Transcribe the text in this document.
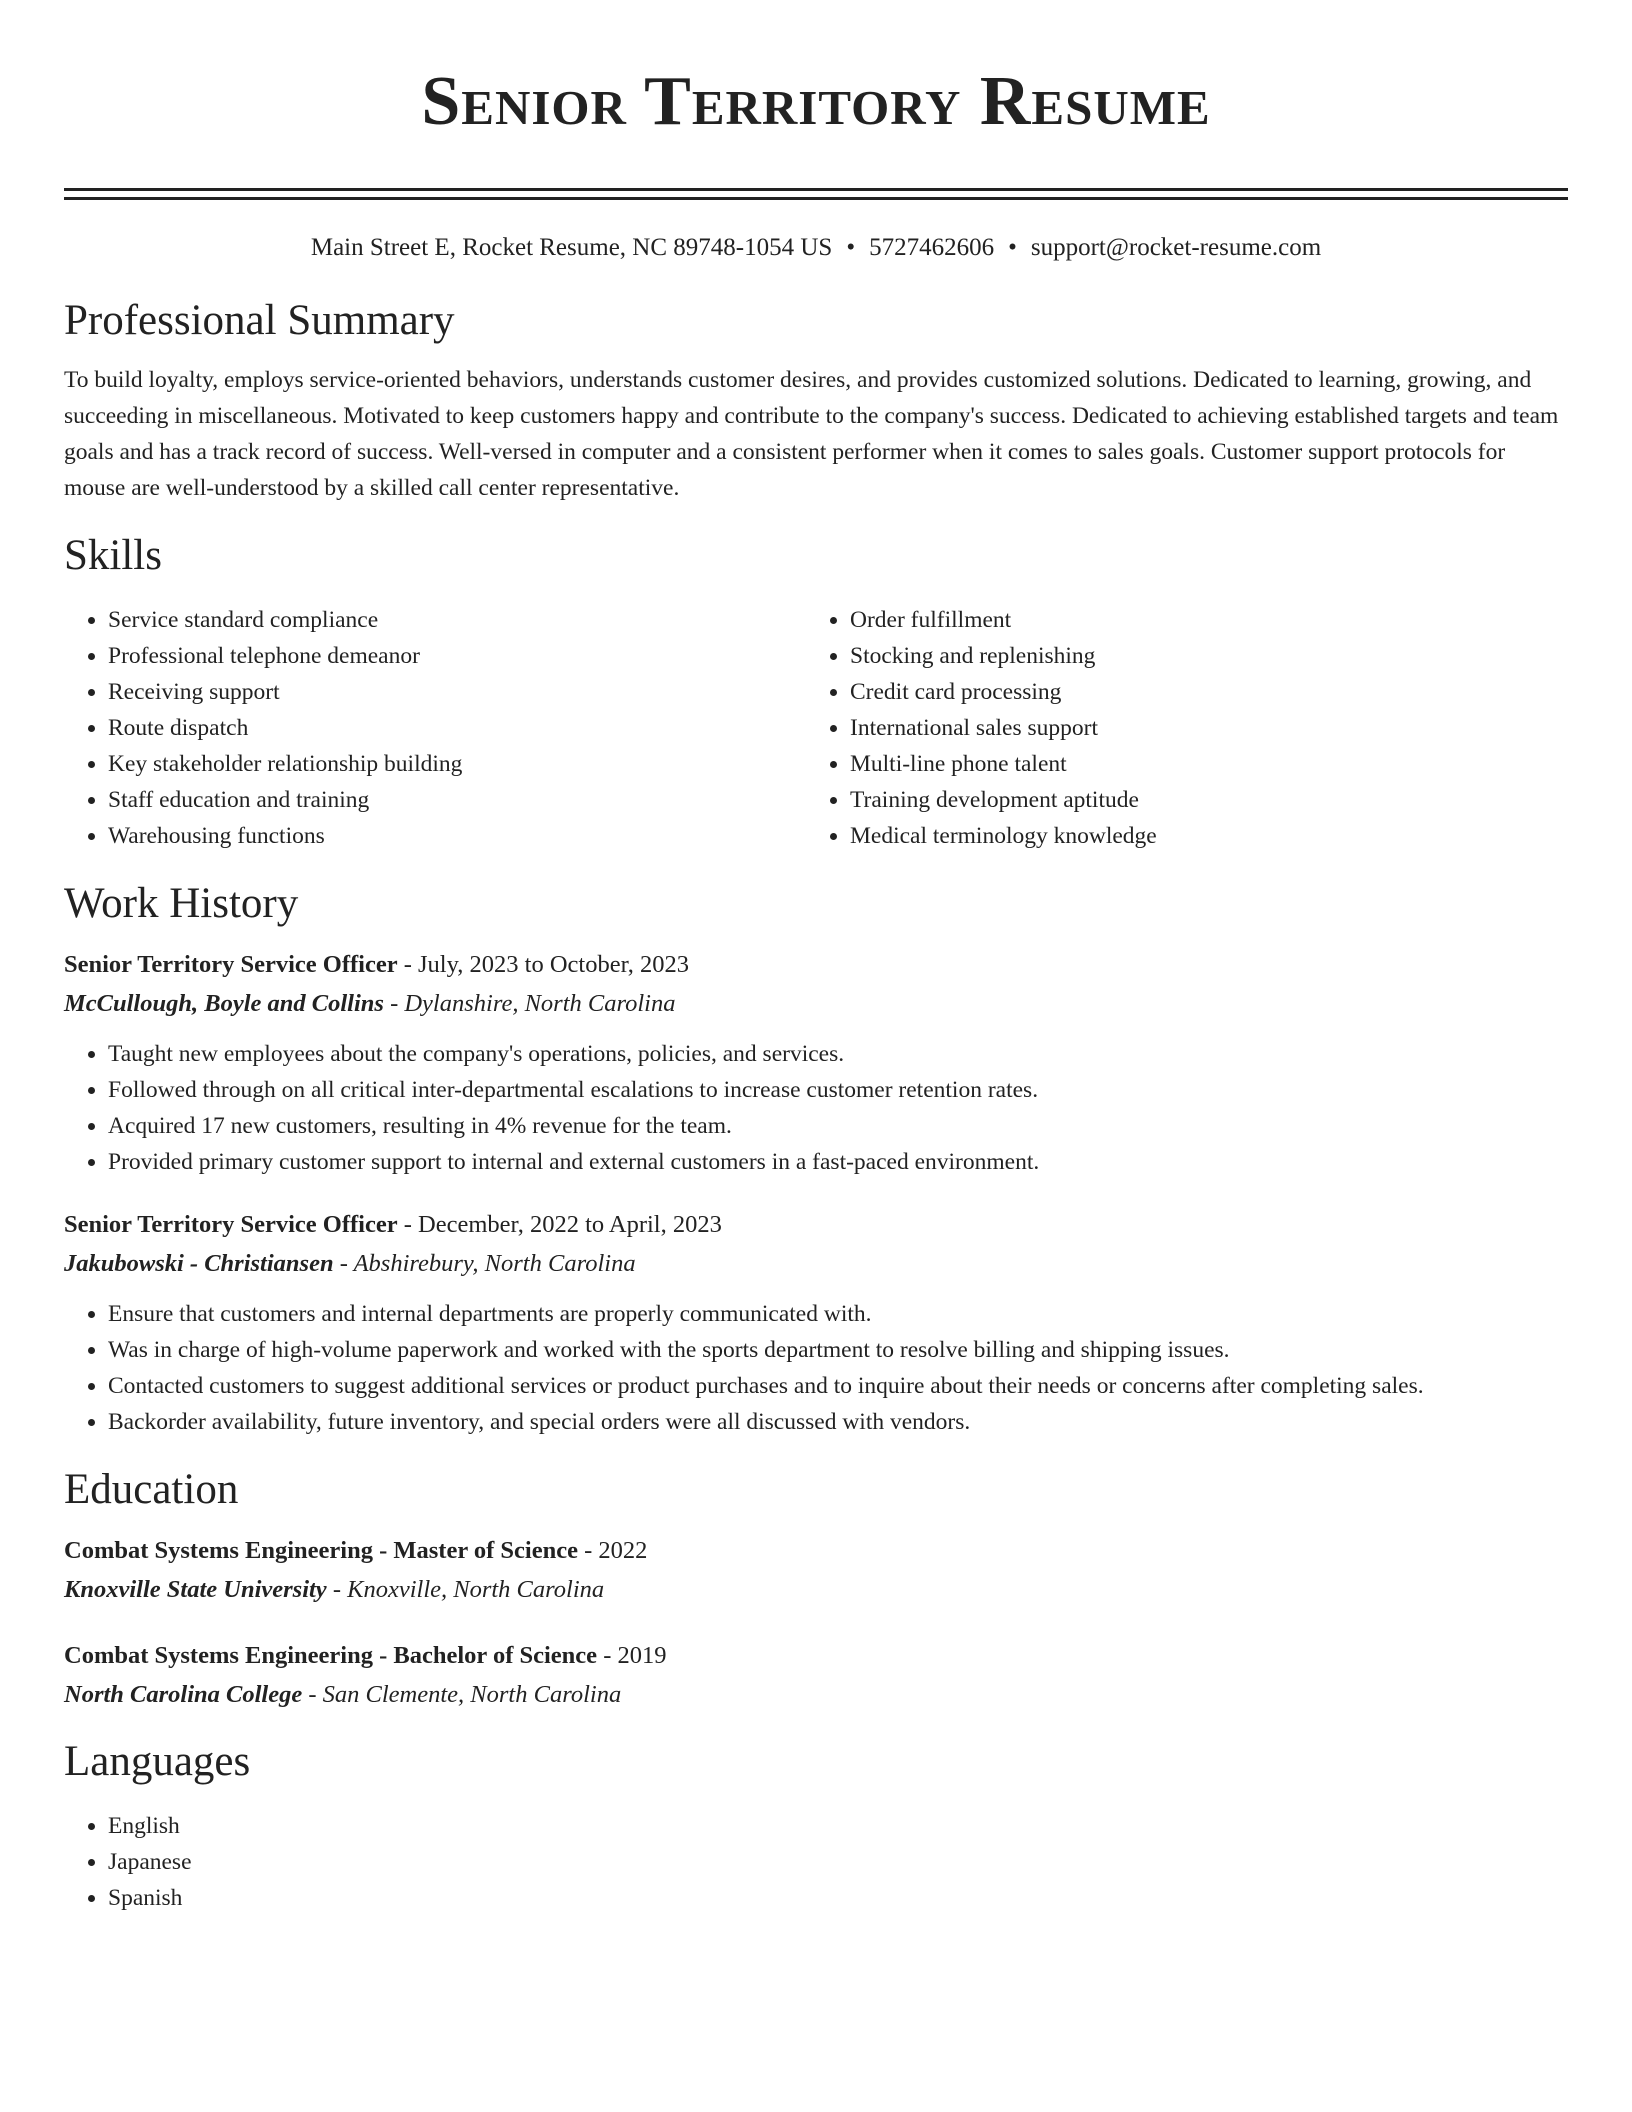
Senior Territory Resume
Main Street E, Rocket Resume, NC 89748-1054 US • 5727462606 • support@rocket-resume.com
Professional Summary

To build loyalty, employs service-oriented behaviors, understands customer desires, and provides customized solutions. Dedicated to learning, growing, and succeeding in miscellaneous. Motivated to keep customers happy and contribute to the company's success. Dedicated to achieving established targets and team goals and has a track record of success. Well-versed in computer and a consistent performer when it comes to sales goals. Customer support protocols for mouse are well-understood by a skilled call center representative.

Skills
• Service standard compliance
• Professional telephone demeanor
• Receiving support
• Route dispatch
• Key stakeholder relationship building
• Staff education and training
• Warehousing functions
• Order fulfillment
• Stocking and replenishing
• Credit card processing
• International sales support
• Multi-line phone talent
• Training development aptitude
• Medical terminology knowledge
Work History
Senior Territory Service Officer - July, 2023 to October, 2023
McCullough, Boyle and Collins - Dylanshire, North Carolina
• Taught new employees about the company's operations, policies, and services.
• Followed through on all critical inter-departmental escalations to increase customer retention rates.
• Acquired 17 new customers, resulting in 4% revenue for the team.
• Provided primary customer support to internal and external customers in a fast-paced environment.
Senior Territory Service Officer - December, 2022 to April, 2023
Jakubowski - Christiansen - Abshirebury, North Carolina
• Ensure that customers and internal departments are properly communicated with.
• Was in charge of high-volume paperwork and worked with the sports department to resolve billing and shipping issues.
• Contacted customers to suggest additional services or product purchases and to inquire about their needs or concerns after completing sales.
• Backorder availability, future inventory, and special orders were all discussed with vendors.
Education
Combat Systems Engineering - Master of Science - 2022
Knoxville State University - Knoxville, North Carolina
Combat Systems Engineering - Bachelor of Science - 2019
North Carolina College - San Clemente, North Carolina
Languages
• English
• Japanese
• Spanish
